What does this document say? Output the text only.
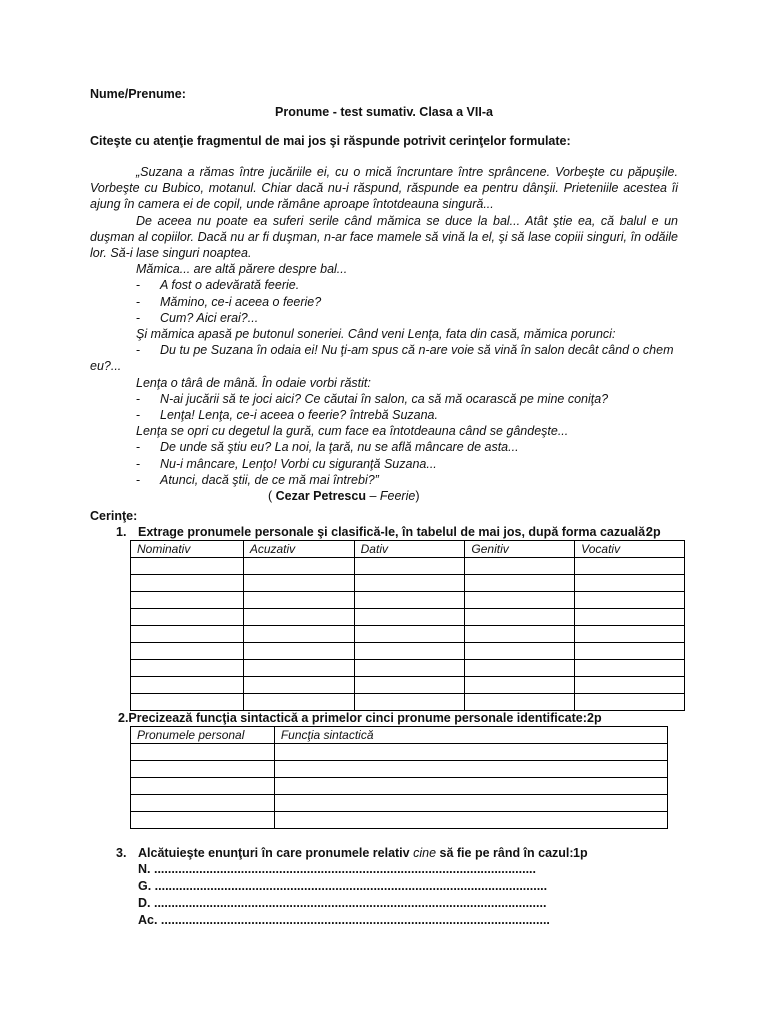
Nume/Prenume:
Pronume - test sumativ. Clasa a VII-a
Citeşte cu atenţie fragmentul de mai jos şi răspunde potrivit cerinţelor formulate:

„Suzana a rămas între jucăriile ei, cu o mică încruntare între sprâncene. Vorbeşte cu păpuşile. Vorbeşte cu Bubico, motanul. Chiar dacă nu-i răspund, răspunde ea pentru dânşii. Prieteniile acestea îi ajung în camera ei de copil, unde rămâne aproape întotdeauna singură...

De aceea nu poate ea suferi serile când mămica se duce la bal... Atât ştie ea, că balul e un duşman al copiilor. Dacă nu ar fi duşman, n-ar face mamele să vină la el, şi să lase copiii singuri, în odăile lor. Să-i lase singuri noaptea.

Mămica... are altă părere despre bal...

- A fost o adevărată feerie.

- Mămino, ce-i aceea o feerie?

- Cum? Aici erai?...

Şi mămica apasă pe butonul soneriei. Când veni Lenţa, fata din casă, mămica porunci:

- Du tu pe Suzana în odaia ei! Nu ţi-am spus că n-are voie să vină în salon decât când o chem eu?...

Lenţa o târâ de mână. În odaie vorbi răstit:

- N-ai jucării să te joci aici? Ce căutai în salon, ca să mă ocarască pe mine coniţa?

- Lenţa! Lenţa, ce-i aceea o feerie? întrebă Suzana.

Lenţa se opri cu degetul la gură, cum face ea întotdeauna când se gândeşte...

- De unde să ştiu eu? La noi, la ţară, nu se află mâncare de asta...

- Nu-i mâncare, Lenţo! Vorbi cu siguranţă Suzana...

- Atunci, dacă ştii, de ce mă mai întrebi?”

( Cezar Petrescu – Feerie)

Cerinţe:
1. Extrage pronumele personale şi clasifică-le, în tabelul de mai jos, după forma cazuală:
2p
Nominativ	Acuzativ	Dativ	Genitiv	Vocativ

2.Precizează funcţia sintactică a primelor cinci pronume personale identificate: 2p
Pronumele personal	Funcţia sintactică

3. Alcătuieşte enunţuri în care pronumele relativ cine să fie pe rând în cazul: 1p
N. ..............................................................................................................
G. .................................................................................................................
D. .................................................................................................................
Ac. ................................................................................................................
